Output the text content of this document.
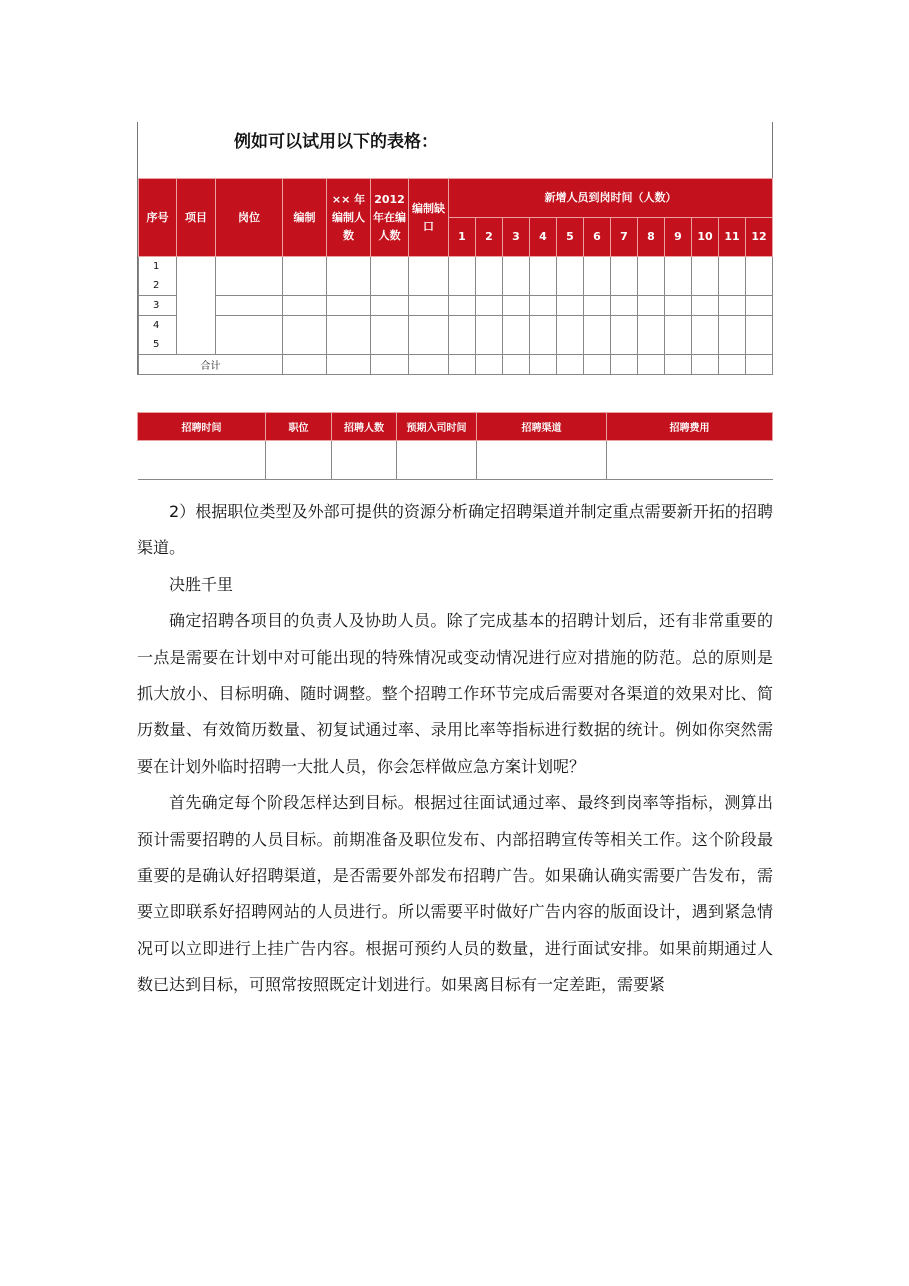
例如可以试用以下的表格：
序号	项目	岗位	编制	×× 年编制人数	2012 年在编人数	编制缺口	新增人员到岗时间（人数）											
							1	2	3	4	5	6	7	8	9	10	11	12
1
2																		

3																		
4
5																		

合计																		
招聘时间	职位	招聘人数	预期入司时间	招聘渠道	招聘费用

2）根据职位类型及外部可提供的资源分析确定招聘渠道并制定重点需要新开拓的招聘渠道。

决胜千里

确定招聘各项目的负责人及协助人员。除了完成基本的招聘计划后，还有非常重要的一点是需要在计划中对可能出现的特殊情况或变动情况进行应对措施的防范。总的原则是抓大放小、目标明确、随时调整。整个招聘工作环节完成后需要对各渠道的效果对比、简历数量、有效简历数量、初复试通过率、录用比率等指标进行数据的统计。例如你突然需要在计划外临时招聘一大批人员，你会怎样做应急方案计划呢？

首先确定每个阶段怎样达到目标。根据过往面试通过率、最终到岗率等指标，测算出预计需要招聘的人员目标。前期准备及职位发布、内部招聘宣传等相关工作。这个阶段最重要的是确认好招聘渠道，是否需要外部发布招聘广告。如果确认确实需要广告发布，需要立即联系好招聘网站的人员进行。所以需要平时做好广告内容的版面设计，遇到紧急情况可以立即进行上挂广告内容。根据可预约人员的数量，进行面试安排。如果前期通过人数已达到目标，可照常按照既定计划进行。如果离目标有一定差距，需要紧
